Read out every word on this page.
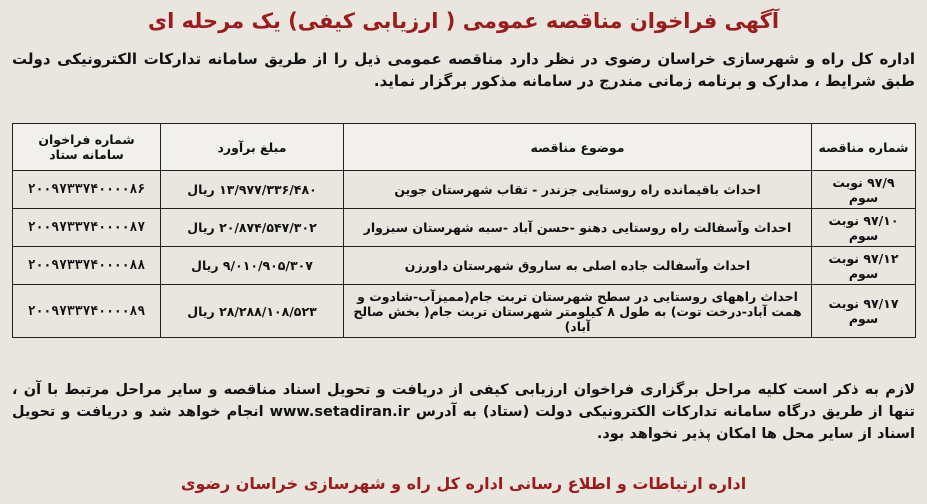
آگهی فراخوان مناقصه عمومی ( ارزیابی کیفی) یک مرحله ای
اداره کل راه و شهرسازی خراسان رضوی در نظر دارد مناقصه عمومی ذیل را از طریق سامانه تدارکات الکترونیکی دولت طبق شرایط ، مدارک و برنامه زمانی مندرج در سامانه مذکور برگزار نماید.
شماره مناقصه	موضوع مناقصه	مبلغ برآورد	شماره فراخوان سامانه ستاد
۹۷/۹ نوبت سوم	احداث باقیمانده راه روستایی جزندر - تقاب شهرستان جوین	۱۳/۹۷۷/۳۳۶/۴۸۰ ریال	۲۰۰۹۷۳۳۷۴۰۰۰۰۸۶
۹۷/۱۰ نوبت سوم	احداث وآسفالت راه روستایی دهنو -حسن آباد -سبه شهرستان سبزوار	۲۰/۸۷۴/۵۴۷/۳۰۲ ریال	۲۰۰۹۷۳۳۷۴۰۰۰۰۸۷
۹۷/۱۲ نوبت سوم	احداث وآسفالت جاده اصلی به ساروق شهرستان داورزن	۹/۰۱۰/۹۰۵/۳۰۷ ریال	۲۰۰۹۷۳۳۷۴۰۰۰۰۸۸
۹۷/۱۷ نوبت سوم	احداث راههای روستایی در سطح شهرستان تربت جام(ممیزآب-شادوت و همت آباد-درخت توت) به طول ۸ کیلومتر شهرستان تربت جام( بخش صالح آباد)	۲۸/۲۸۸/۱۰۸/۵۲۳ ریال	۲۰۰۹۷۳۳۷۴۰۰۰۰۸۹
لازم به ذکر است کلیه مراحل برگزاری فراخوان ارزیابی کیفی از دریافت و تحویل اسناد مناقصه و سایر مراحل مرتبط با آن ، تنها از طریق درگاه سامانه تدارکات الکترونیکی دولت (ستاد) به آدرس www.setadiran.ir انجام خواهد شد و دریافت و تحویل اسناد از سایر محل ها امکان پذیر نخواهد بود.
اداره ارتباطات و اطلاع رسانی اداره کل راه و شهرسازی خراسان رضوی
